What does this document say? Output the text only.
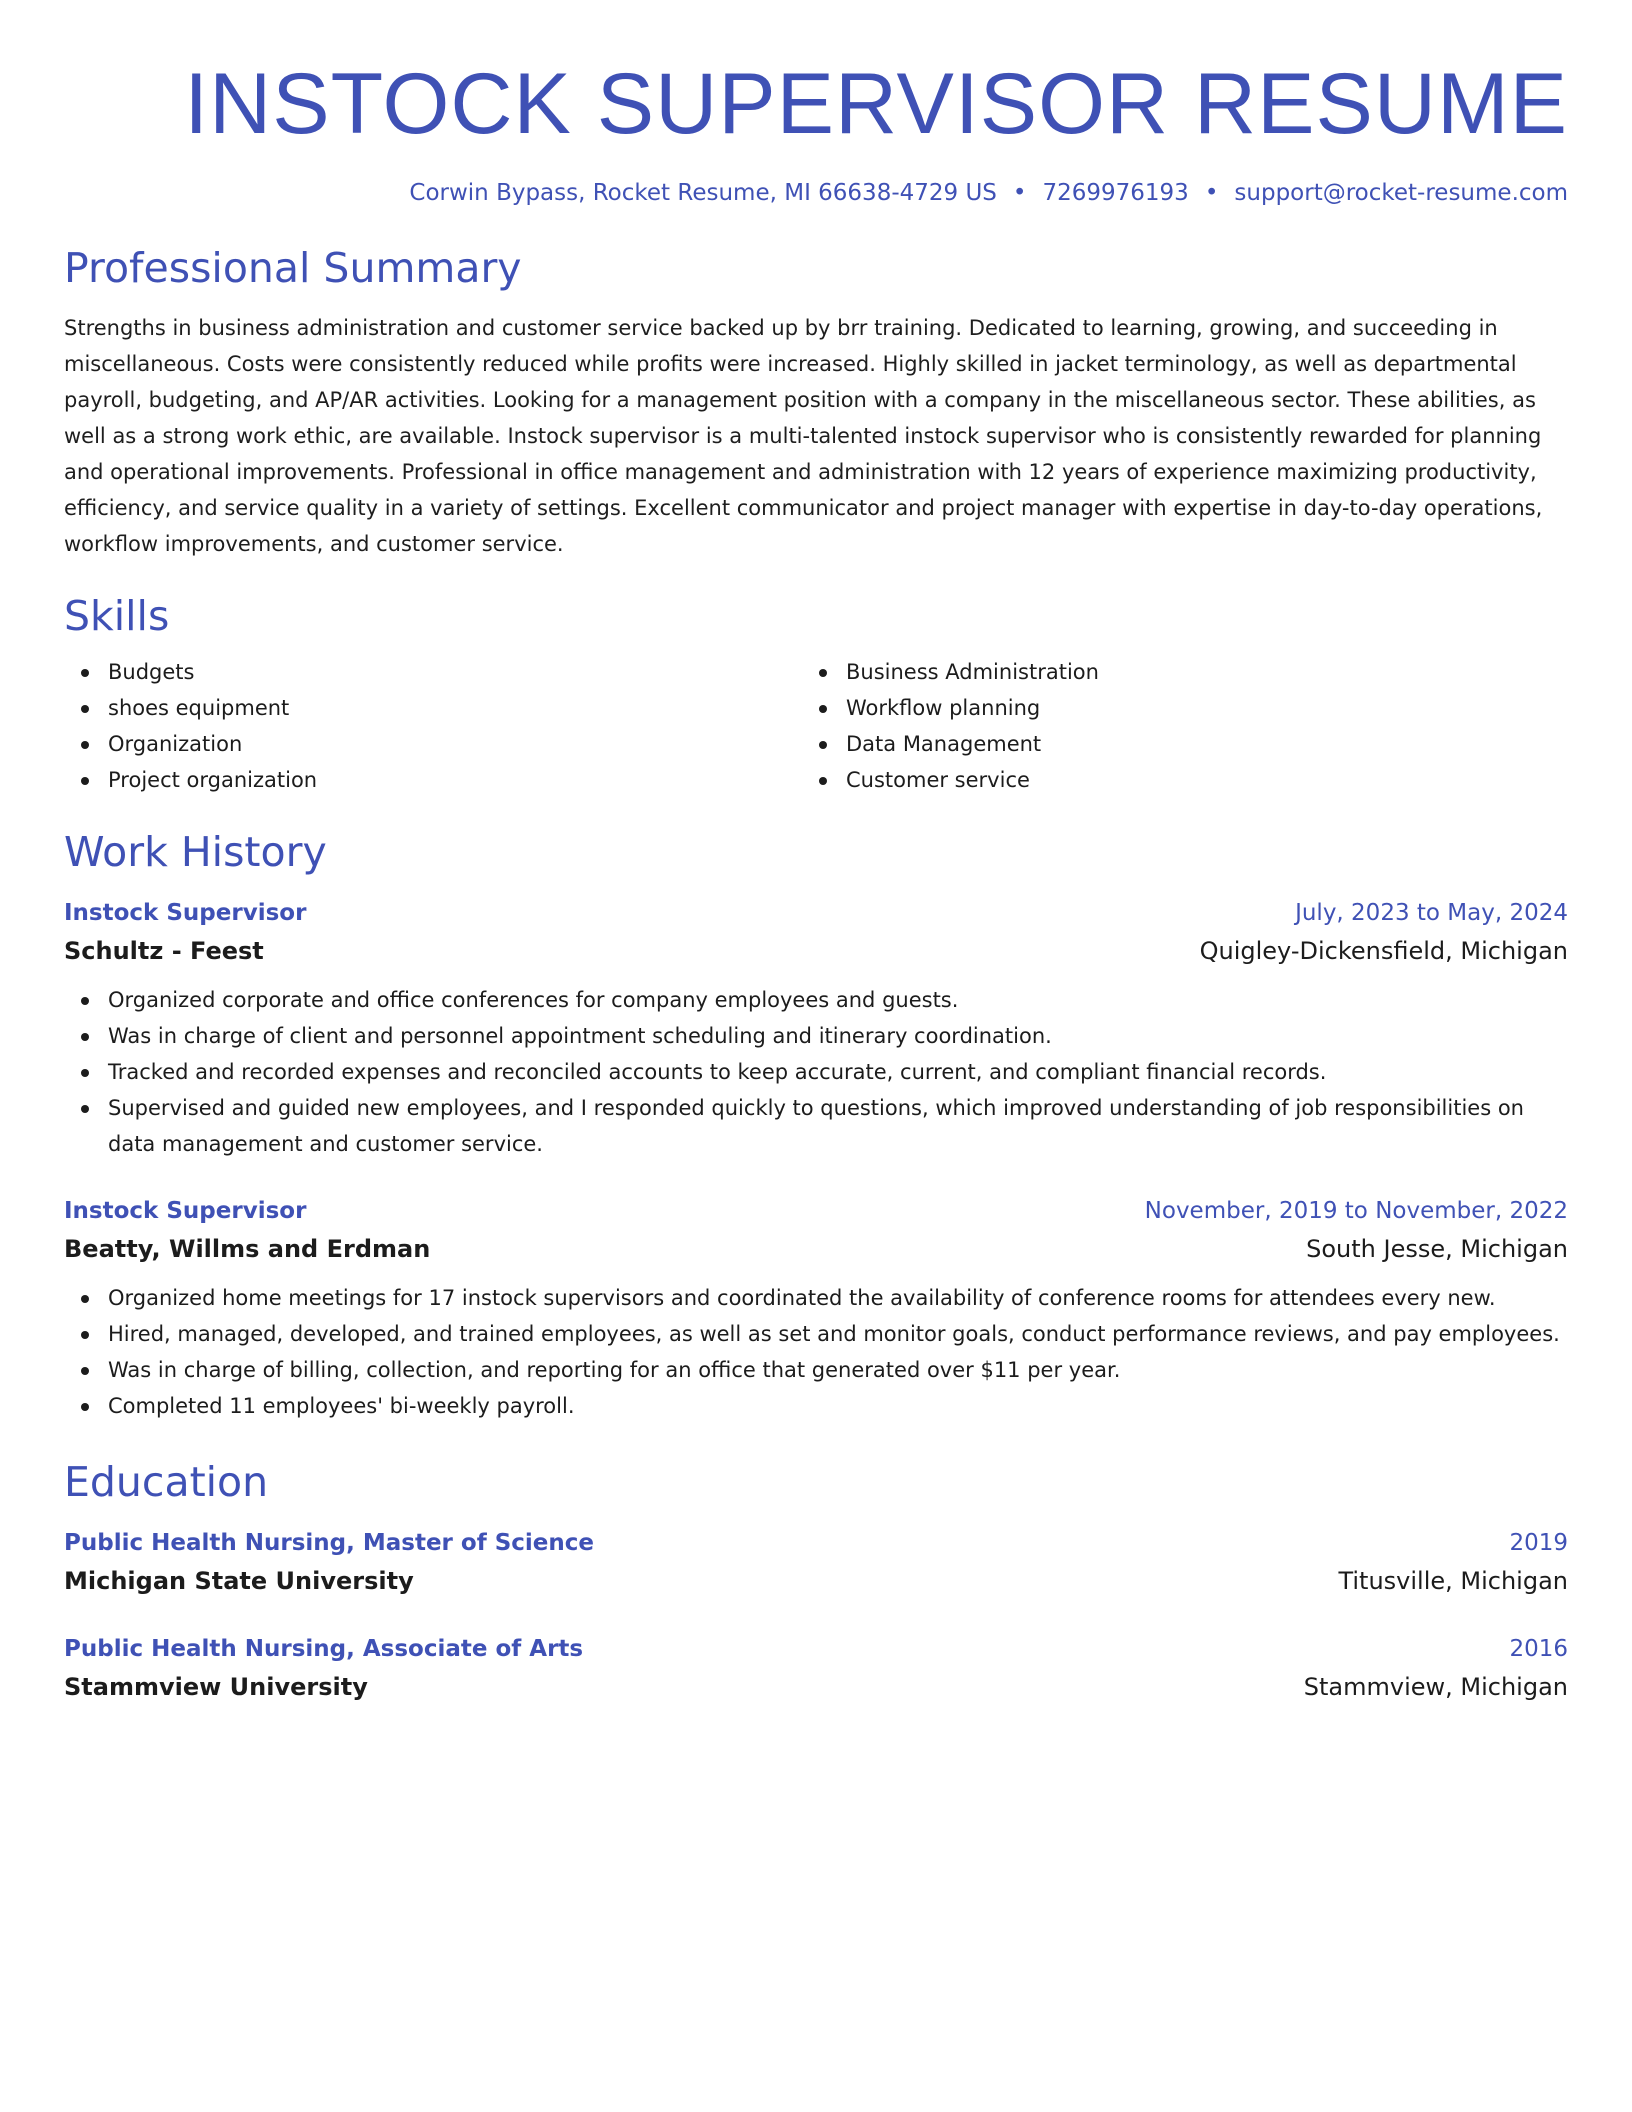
INSTOCK SUPERVISOR RESUME
Corwin Bypass, Rocket Resume, MI 66638-4729 US • 7269976193 • support@rocket-resume.com
Professional Summary

Strengths in business administration and customer service backed up by brr training. Dedicated to learning, growing, and succeeding in miscellaneous. Costs were consistently reduced while profits were increased. Highly skilled in jacket terminology, as well as departmental payroll, budgeting, and AP/AR activities. Looking for a management position with a company in the miscellaneous sector. These abilities, as well as a strong work ethic, are available. Instock supervisor is a multi-talented instock supervisor who is consistently rewarded for planning and operational improvements. Professional in office management and administration with 12 years of experience maximizing productivity, efficiency, and service quality in a variety of settings. Excellent communicator and project manager with expertise in day-to-day operations, workflow improvements, and customer service.

Skills
Budgets
shoes equipment
Organization
Project organization
Business Administration
Workflow planning
Data Management
Customer service
Work History
Instock Supervisor	July, 2023 to May, 2024
Schultz - Feest	Quigley-Dickensfield, Michigan
Organized corporate and office conferences for company employees and guests.
Was in charge of client and personnel appointment scheduling and itinerary coordination.
Tracked and recorded expenses and reconciled accounts to keep accurate, current, and compliant financial records.
Supervised and guided new employees, and I responded quickly to questions, which improved understanding of job responsibilities on data management and customer service.
Instock Supervisor	November, 2019 to November, 2022
Beatty, Willms and Erdman	South Jesse, Michigan
Organized home meetings for 17 instock supervisors and coordinated the availability of conference rooms for attendees every new.
Hired, managed, developed, and trained employees, as well as set and monitor goals, conduct performance reviews, and pay employees.
Was in charge of billing, collection, and reporting for an office that generated over $11 per year.
Completed 11 employees' bi-weekly payroll.
Education
Public Health Nursing, Master of Science	2019
Michigan State University	Titusville, Michigan
Public Health Nursing, Associate of Arts	2016
Stammview University	Stammview, Michigan
